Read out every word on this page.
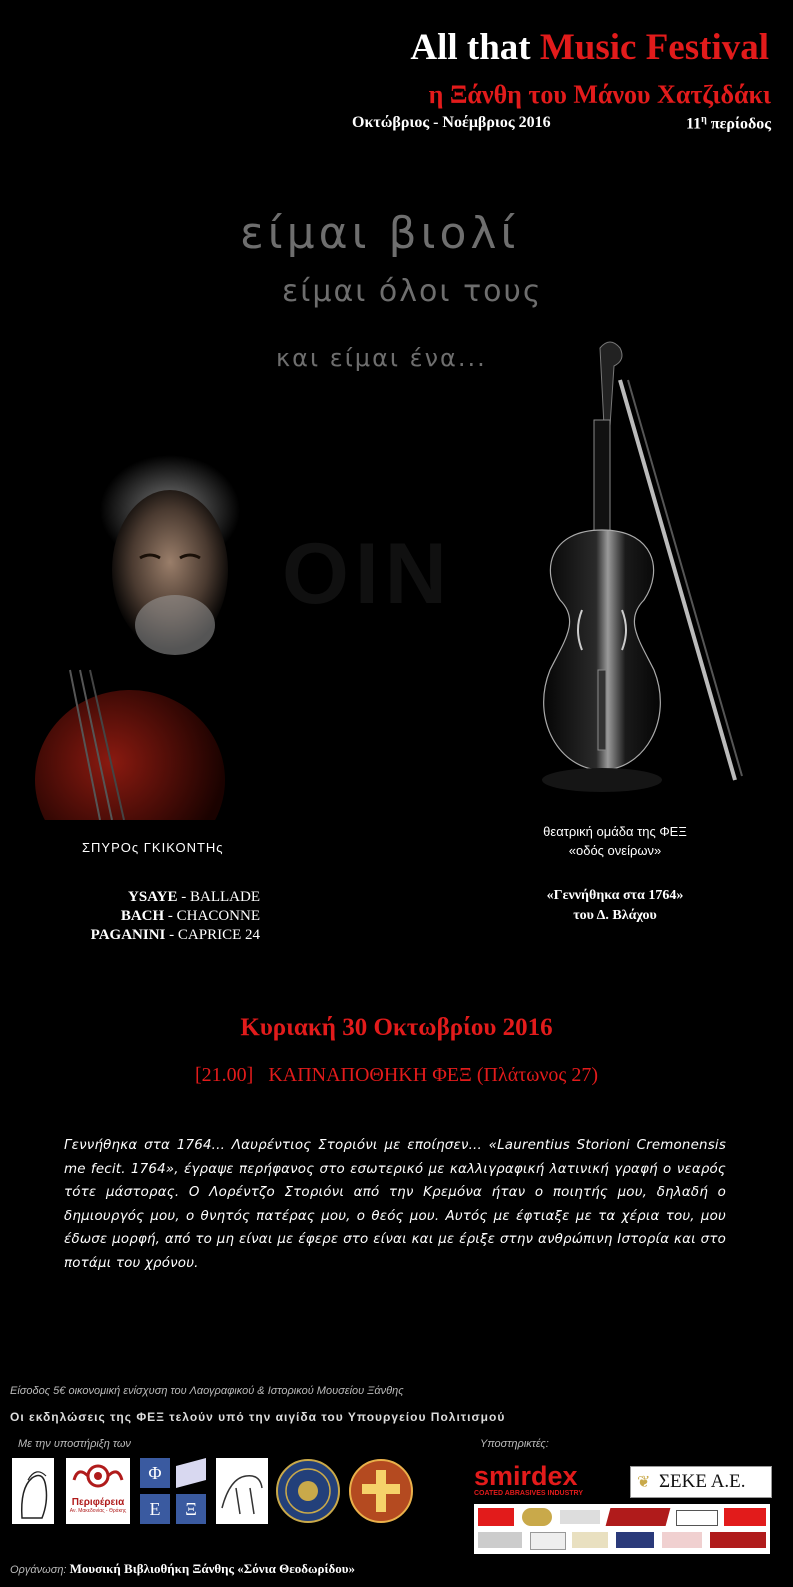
All that Music Festival
η Ξάνθη του Μάνου Χατζιδάκι
Οκτώβριος - Νοέμβριος 2016	$11^\eta$ περίοδος
είμαι βιολί
είμαι όλοι τους
και είμαι ένα...
OIN
ΣΠΥΡΟς ΓΚΙΚΟΝΤΗς
YSAYE - BALLADE
BACH - CHACONNE
PAGANINI - CAPRICE 24
θεατρική ομάδα της ΦΕΞ
«οδός ονείρων»
«Γεννήθηκα στα 1764»
του Δ. Βλάχου
Κυριακή 30 Οκτωβρίου 2016
[21.00] ΚΑΠΝΑΠΟΘΗΚΗ ΦΕΞ (Πλάτωνος 27)
Γεννήθηκα στα 1764... Λαυρέντιος Στοριόνι με επoίησεν... «Laurentius Storioni Cremonensis me fecit. 1764», έγραψε περήφανος στο εσωτερικό με καλλιγραφική λατινική γραφή ο νεαρός τότε μάστορας. Ο Λορέντζο Στοριόνι από την Κρεμόνα ήταν ο ποιητής μου, δηλαδή ο δημιουργός μου, ο θνητός πατέρας μου, ο θεός μου. Αυτός με έφτιαξε με τα χέρια του, μου έδωσε μορφή, από το μη είναι με έφερε στο είναι και με έριξε στην ανθρώπινη Ιστορία και στο ποτάμι του χρόνου.
Είσοδος 5€ οικονομική ενίσχυση του Λαογραφικού & Ιστορικού Μουσείου Ξάνθης
Οι εκδηλώσεις της ΦΕΞ τελούν υπό την αιγίδα του Υπουργείου Πολιτισμού
Με την υποστήριξη των	Υποστηρικτές:
Περιφέρεια
Αν. Μακεδονίας - Θράκης
Φ
Ε	Ξ
smirdex
COATED ABRASIVES INDUSTRY
❦ ΣΕΚΕ Α.Ε.
Οργάνωση: Μουσική Βιβλιοθήκη Ξάνθης «Σόνια Θεοδωρίδου»
